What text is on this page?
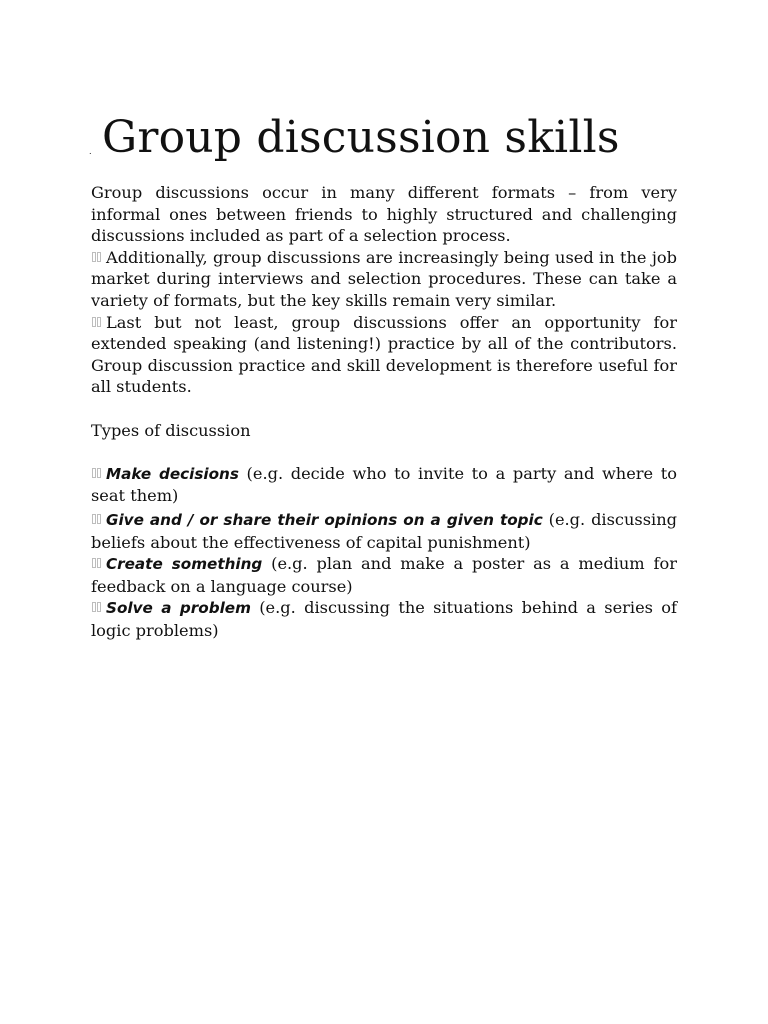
. Group discussion skills

Group discussions occur in many different formats – from very informal ones between friends to highly structured and challenging discussions included as part of a selection process.

Additionally, group discussions are increasingly being used in the job market during interviews and selection procedures. These can take a variety of formats, but the key skills remain very similar.

Last but not least, group discussions offer an opportunity for extended speaking (and listening!) practice by all of the contributors. Group discussion practice and skill development is therefore useful for all students.

Types of discussion

Make decisions (e.g. decide who to invite to a party and where to seat them)

Give and / or share their opinions on a given topic (e.g. discussing beliefs about the effectiveness of capital punishment)

Create something (e.g. plan and make a poster as a medium for feedback on a language course)

Solve a problem (e.g. discussing the situations behind a series of logic problems)
